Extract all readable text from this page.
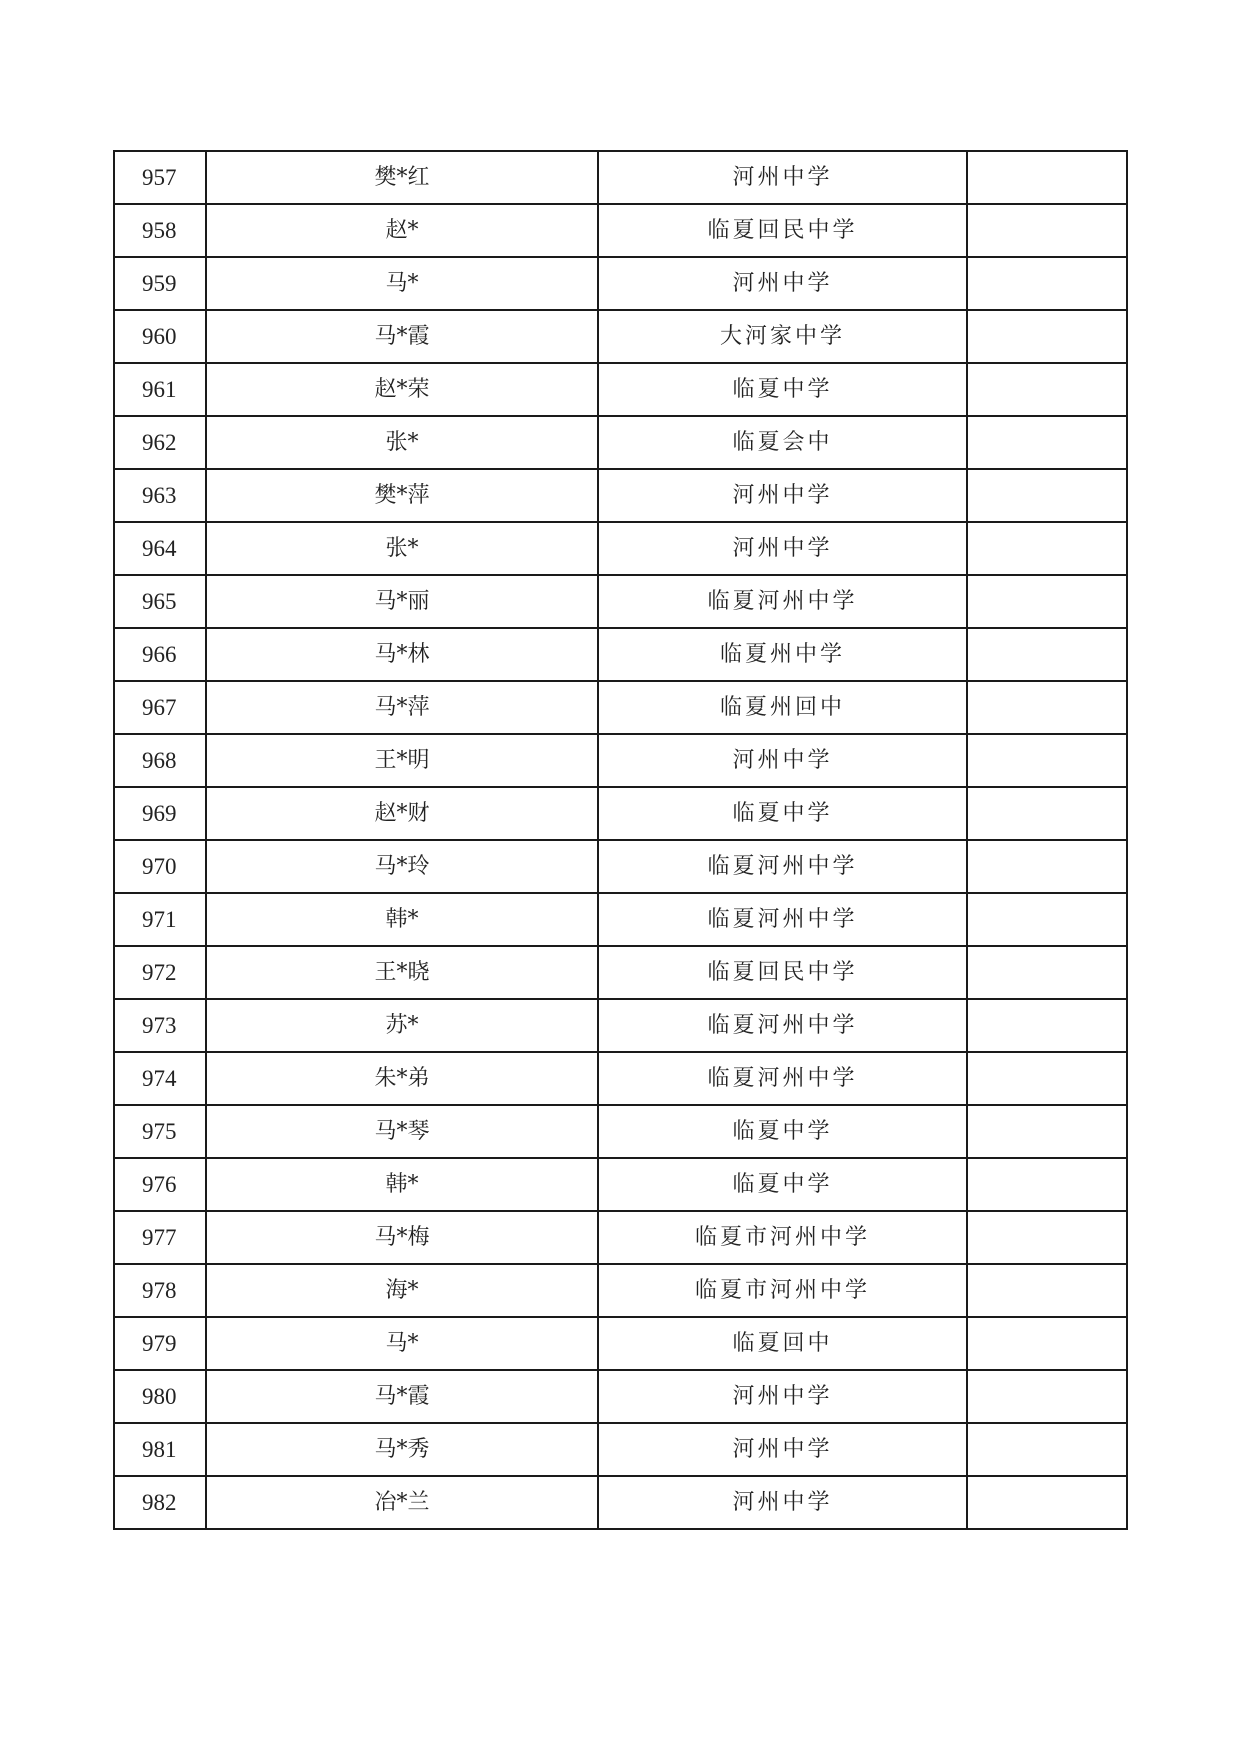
957	樊*红	河州中学	
958	赵*	临夏回民中学	
959	马*	河州中学	
960	马*霞	大河家中学	
961	赵*荣	临夏中学	
962	张*	临夏会中	
963	樊*萍	河州中学	
964	张*	河州中学	
965	马*丽	临夏河州中学	
966	马*林	临夏州中学	
967	马*萍	临夏州回中	
968	王*明	河州中学	
969	赵*财	临夏中学	
970	马*玲	临夏河州中学	
971	韩*	临夏河州中学	
972	王*晓	临夏回民中学	
973	苏*	临夏河州中学	
974	朱*弟	临夏河州中学	
975	马*琴	临夏中学	
976	韩*	临夏中学	
977	马*梅	临夏市河州中学	
978	海*	临夏市河州中学	
979	马*	临夏回中	
980	马*霞	河州中学	
981	马*秀	河州中学	
982	冶*兰	河州中学	
